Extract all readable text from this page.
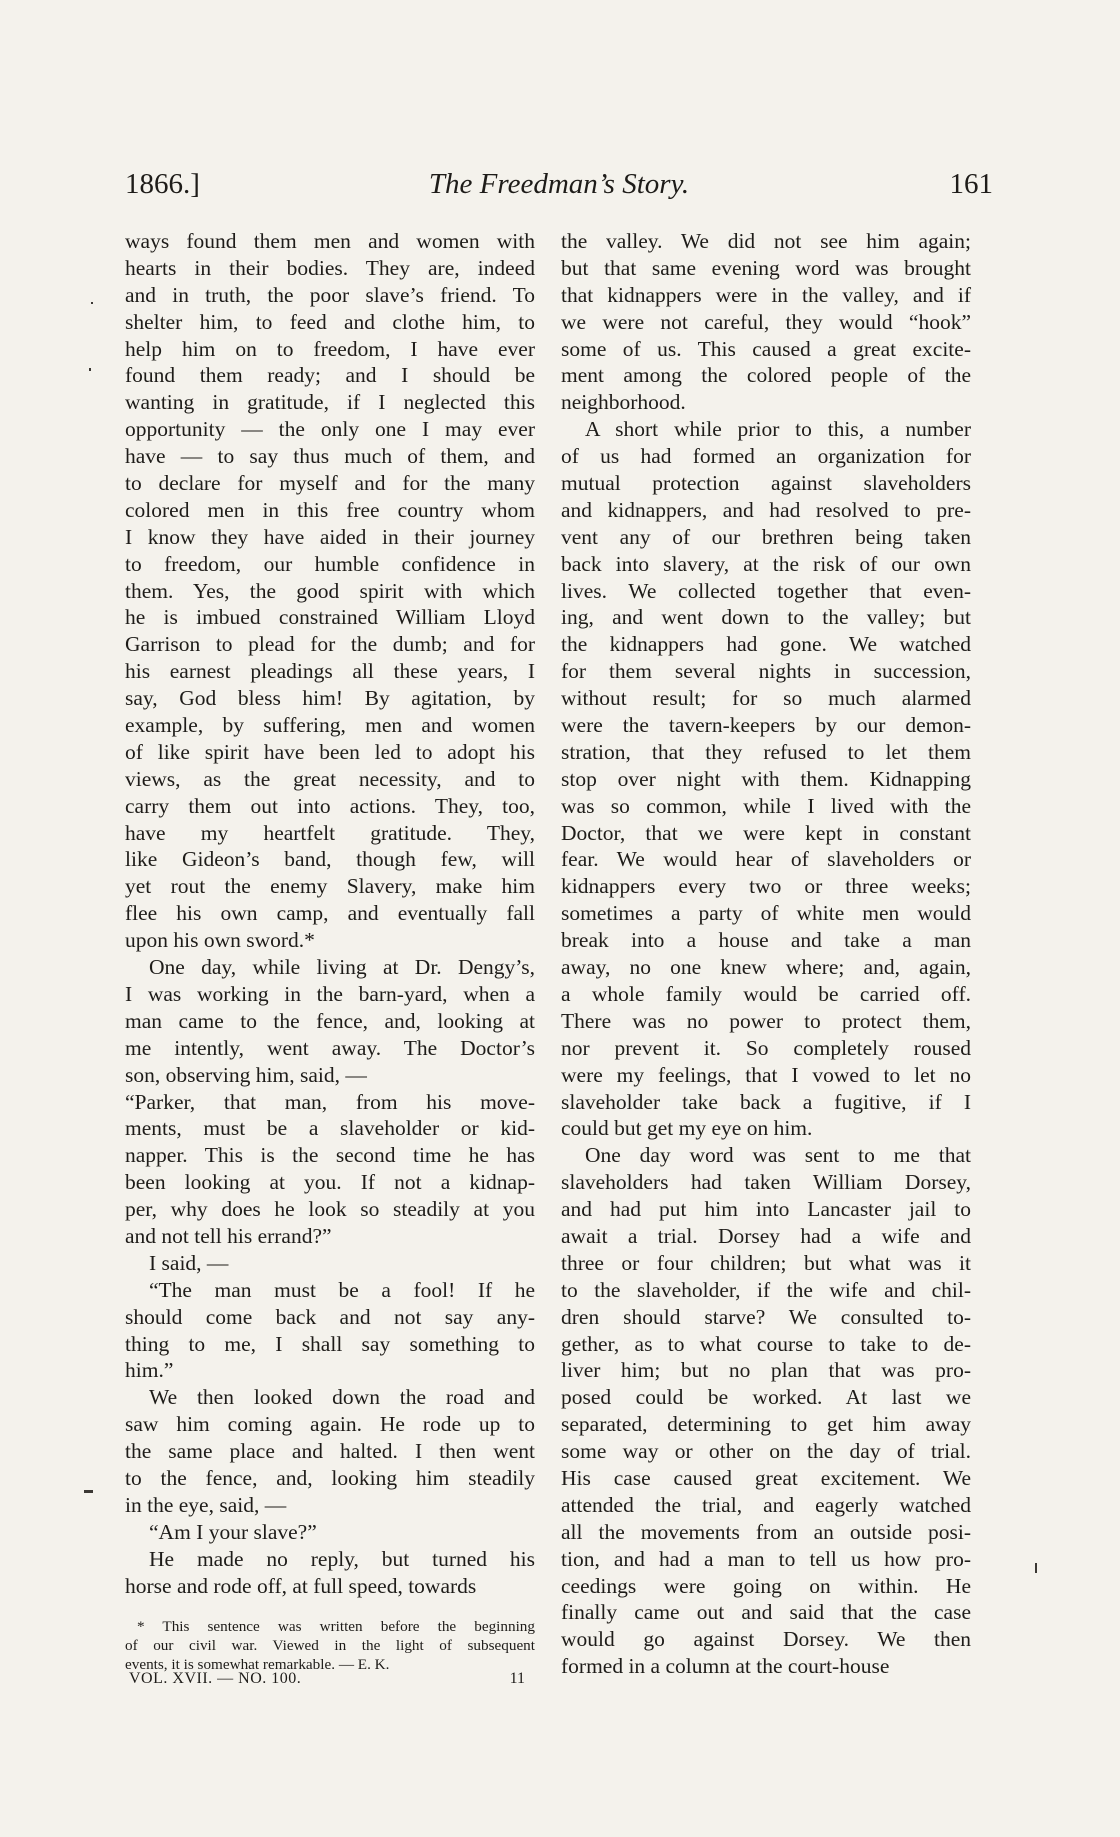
1866.]	The Freedman’s Story.	161
ways found them men and women with
hearts in their bodies. They are, indeed
and in truth, the poor slave’s friend. To
shelter him, to feed and clothe him, to
help him on to freedom, I have ever
found them ready; and I should be
wanting in gratitude, if I neglected this
opportunity — the only one I may ever
have — to say thus much of them, and
to declare for myself and for the many
colored men in this free country whom
I know they have aided in their journey
to freedom, our humble confidence in
them. Yes, the good spirit with which
he is imbued constrained William Lloyd
Garrison to plead for the dumb; and for
his earnest pleadings all these years, I
say, God bless him! By agitation, by
example, by suffering, men and women
of like spirit have been led to adopt his
views, as the great necessity, and to
carry them out into actions. They, too,
have my heartfelt gratitude. They,
like Gideon’s band, though few, will
yet rout the enemy Slavery, make him
flee his own camp, and eventually fall
upon his own sword.*
One day, while living at Dr. Dengy’s,
I was working in the barn-yard, when a
man came to the fence, and, looking at
me intently, went away. The Doctor’s
son, observing him, said, —
“Parker, that man, from his move-
ments, must be a slaveholder or kid-
napper. This is the second time he has
been looking at you. If not a kidnap-
per, why does he look so steadily at you
and not tell his errand?”
I said, —
“The man must be a fool! If he
should come back and not say any-
thing to me, I shall say something to
him.”
We then looked down the road and
saw him coming again. He rode up to
the same place and halted. I then went
to the fence, and, looking him steadily
in the eye, said, —
“Am I your slave?”
He made no reply, but turned his
horse and rode off, at full speed, towards
the valley. We did not see him again;
but that same evening word was brought
that kidnappers were in the valley, and if
we were not careful, they would “hook”
some of us. This caused a great excite-
ment among the colored people of the
neighborhood.
A short while prior to this, a number
of us had formed an organization for
mutual protection against slaveholders
and kidnappers, and had resolved to pre-
vent any of our brethren being taken
back into slavery, at the risk of our own
lives. We collected together that even-
ing, and went down to the valley; but
the kidnappers had gone. We watched
for them several nights in succession,
without result; for so much alarmed
were the tavern-keepers by our demon-
stration, that they refused to let them
stop over night with them. Kidnapping
was so common, while I lived with the
Doctor, that we were kept in constant
fear. We would hear of slaveholders or
kidnappers every two or three weeks;
sometimes a party of white men would
break into a house and take a man
away, no one knew where; and, again,
a whole family would be carried off.
There was no power to protect them,
nor prevent it. So completely roused
were my feelings, that I vowed to let no
slaveholder take back a fugitive, if I
could but get my eye on him.
One day word was sent to me that
slaveholders had taken William Dorsey,
and had put him into Lancaster jail to
await a trial. Dorsey had a wife and
three or four children; but what was it
to the slaveholder, if the wife and chil-
dren should starve? We consulted to-
gether, as to what course to take to de-
liver him; but no plan that was pro-
posed could be worked. At last we
separated, determining to get him away
some way or other on the day of trial.
His case caused great excitement. We
attended the trial, and eagerly watched
all the movements from an outside posi-
tion, and had a man to tell us how pro-
ceedings were going on within. He
finally came out and said that the case
would go against Dorsey. We then
formed in a column at the court-house
* This sentence was written before the beginning
of our civil war. Viewed in the light of subsequent
events, it is somewhat remarkable. — E. K.
VOL. XVII. — NO. 100.	11
